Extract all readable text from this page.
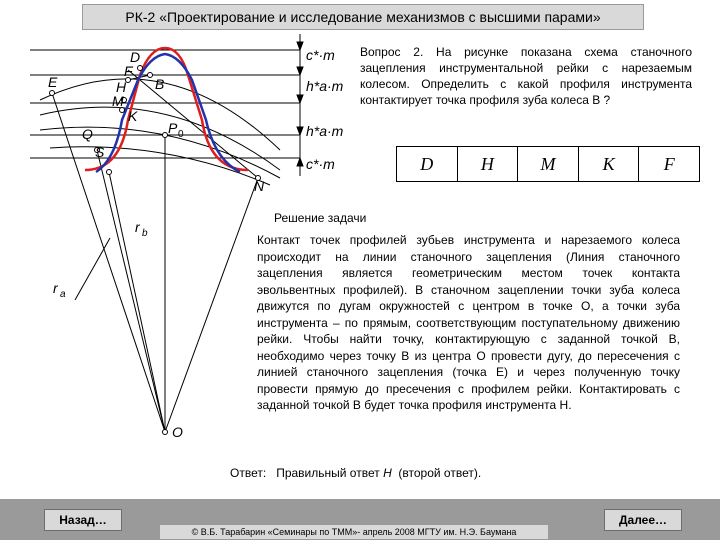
РК-2 «Проектирование и исследование механизмов с высшими парами»
D
F
E	H B
M
K
Q
S
N
O
P 0
r b
r a
c*·m
h*a·m
h*a·m
c*·m
Вопрос 2. На рисунке показана схема станочного зацепления инструментальной рейки с нарезаемым колесом. Определить с какой профиля инструмента контактирует точка профиля зуба колеса В ?
D	H	M	K	F
Решение задачи
Контакт точек профилей зубьев инструмента и нарезаемого колеса происходит на линии станочного зацепления (Линия станочного зацепления является геометрическим местом точек контакта эвольвентных профилей). В станочном зацеплении точки зуба колеса движутся по дугам окружностей с центром в точке О, а точки зуба инструмента – по прямым, соответствующим поступательному движению рейки. Чтобы найти точку, контактирующую с заданной точкой В, необходимо через точку В из центра О провести дугу, до пересечения с линией станочного зацепления (точка Е) и через полученную точку провести прямую до пресечения с профилем рейки. Контактировать с заданной точкой В будет точка профиля инструмента Н.
Ответ: Правильный ответ Н (второй ответ).
Назад…	Далее…
© В.Б. Тарабарин «Семинары по ТММ»- апрель 2008 МГТУ им. Н.Э. Баумана
